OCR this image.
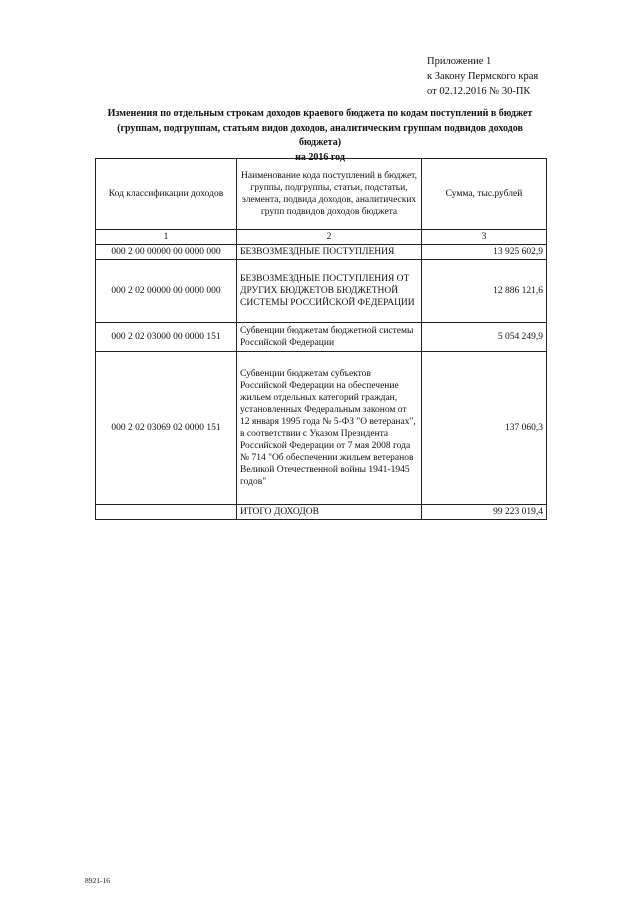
Приложение 1
к Закону Пермского края
от 02.12.2016 № 30-ПК
Изменения по отдельным строкам доходов краевого бюджета по кодам поступлений в бюджет
(группам, подгруппам, статьям видов доходов, аналитическим группам подвидов доходов бюджета)
на 2016 год
Код классификации доходов	Наименование кода поступлений в бюджет, группы, подгруппы, статьи, подстатьи, элемента, подвида доходов, аналитических групп подвидов доходов бюджета	Сумма, тыс.рублей
1	2	3
000 2 00 00000 00 0000 000	БЕЗВОЗМЕЗДНЫЕ ПОСТУПЛЕНИЯ	13 925 602,9
000 2 02 00000 00 0000 000	БЕЗВОЗМЕЗДНЫЕ ПОСТУПЛЕНИЯ ОТ ДРУГИХ БЮДЖЕТОВ БЮДЖЕТНОЙ СИСТЕМЫ РОССИЙСКОЙ ФЕДЕРАЦИИ	12 886 121,6
000 2 02 03000 00 0000 151	Субвенции бюджетам бюджетной системы Российской Федерации	5 054 249,9
000 2 02 03069 02 0000 151	Субвенции бюджетам субъектов Российской Федерации на обеспечение жильем отдельных категорий граждан, установленных Федеральным законом от 12 января 1995 года № 5-ФЗ "О ветеранах", в соответствии с Указом Президента Российской Федерации от 7 мая 2008 года № 714 "Об обеспечении жильем ветеранов Великой Отечественной войны 1941-1945 годов"	137 060,3
	ИТОГО ДОХОДОВ	99 223 019,4
8921-16
